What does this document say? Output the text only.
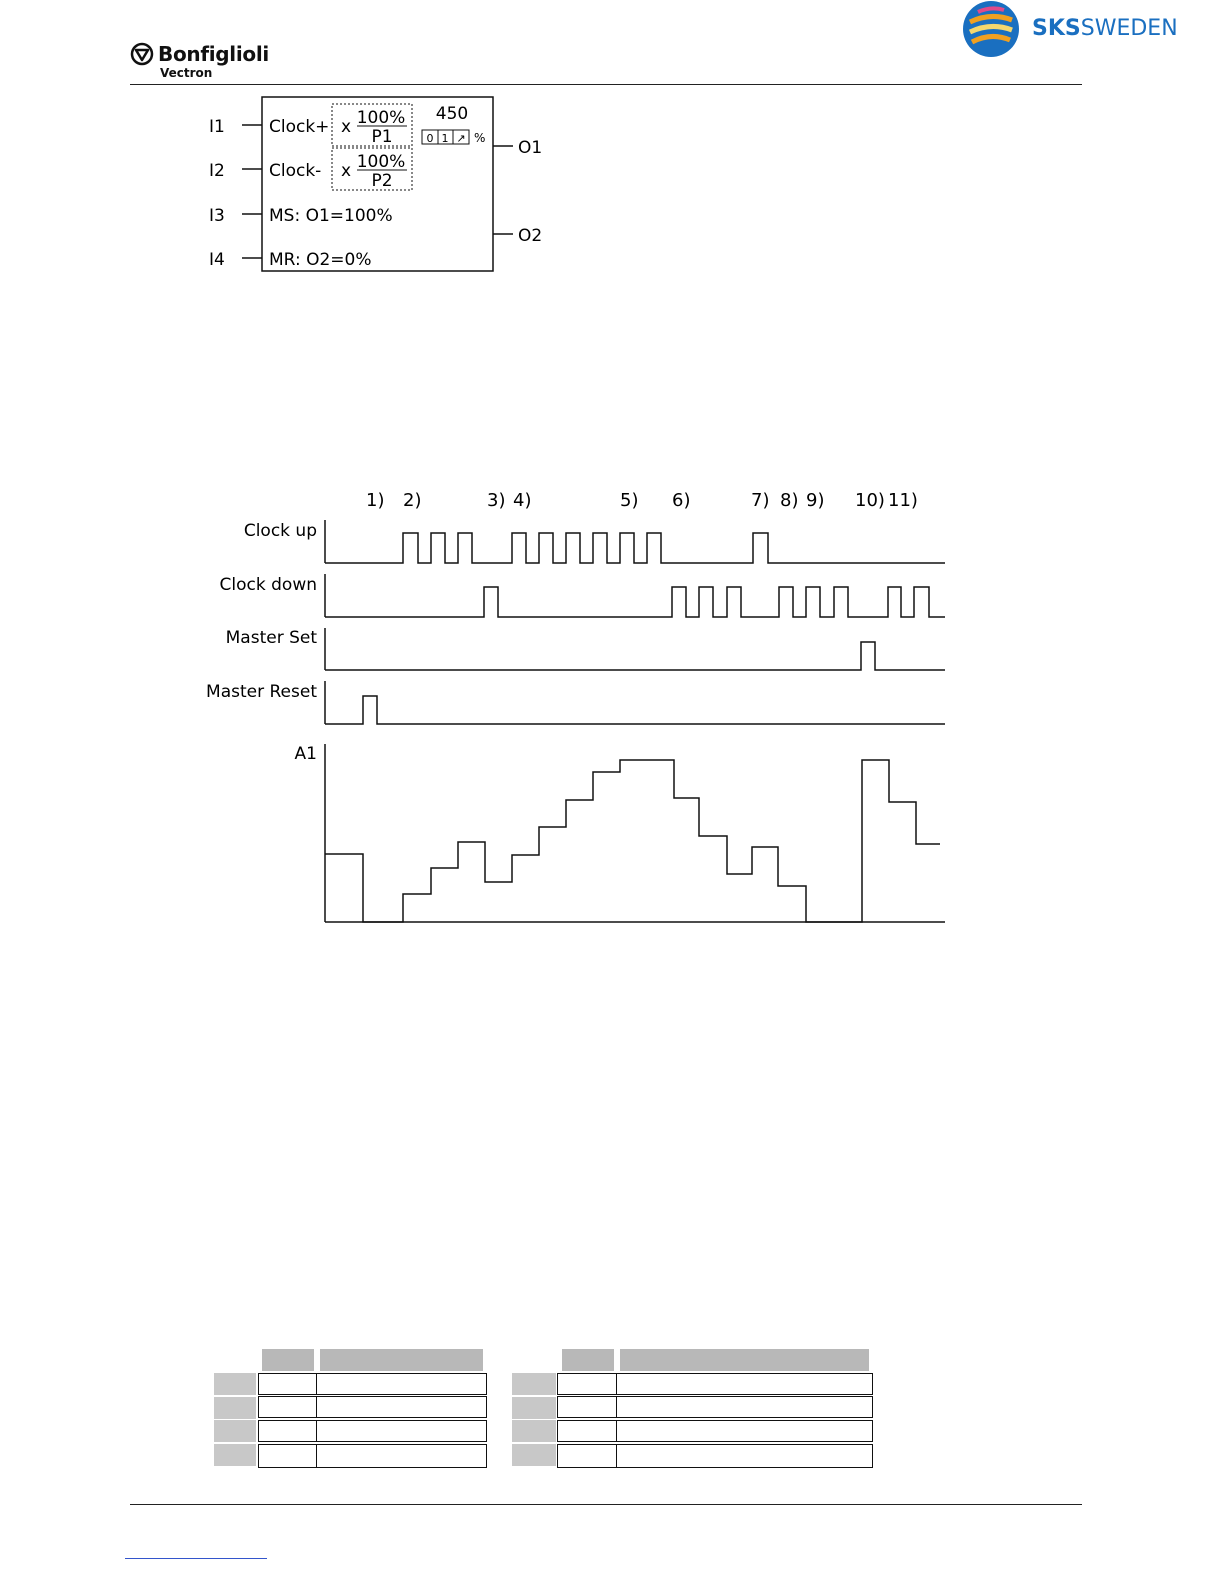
Bonfiglioli
Vectron
SKSSWEDEN
I1
I2
I3
I4
O1
O2
Clock+
Clock-
MS: O1=100%
MR: O2=0%
x 100%
P1
x 100%
P2
450
0 1 ↗ %
1) 2)	3) 4)	5) 6)	7) 8) 9) 10) 11)
Clock up
Clock down
Master Set
Master Reset
A1
